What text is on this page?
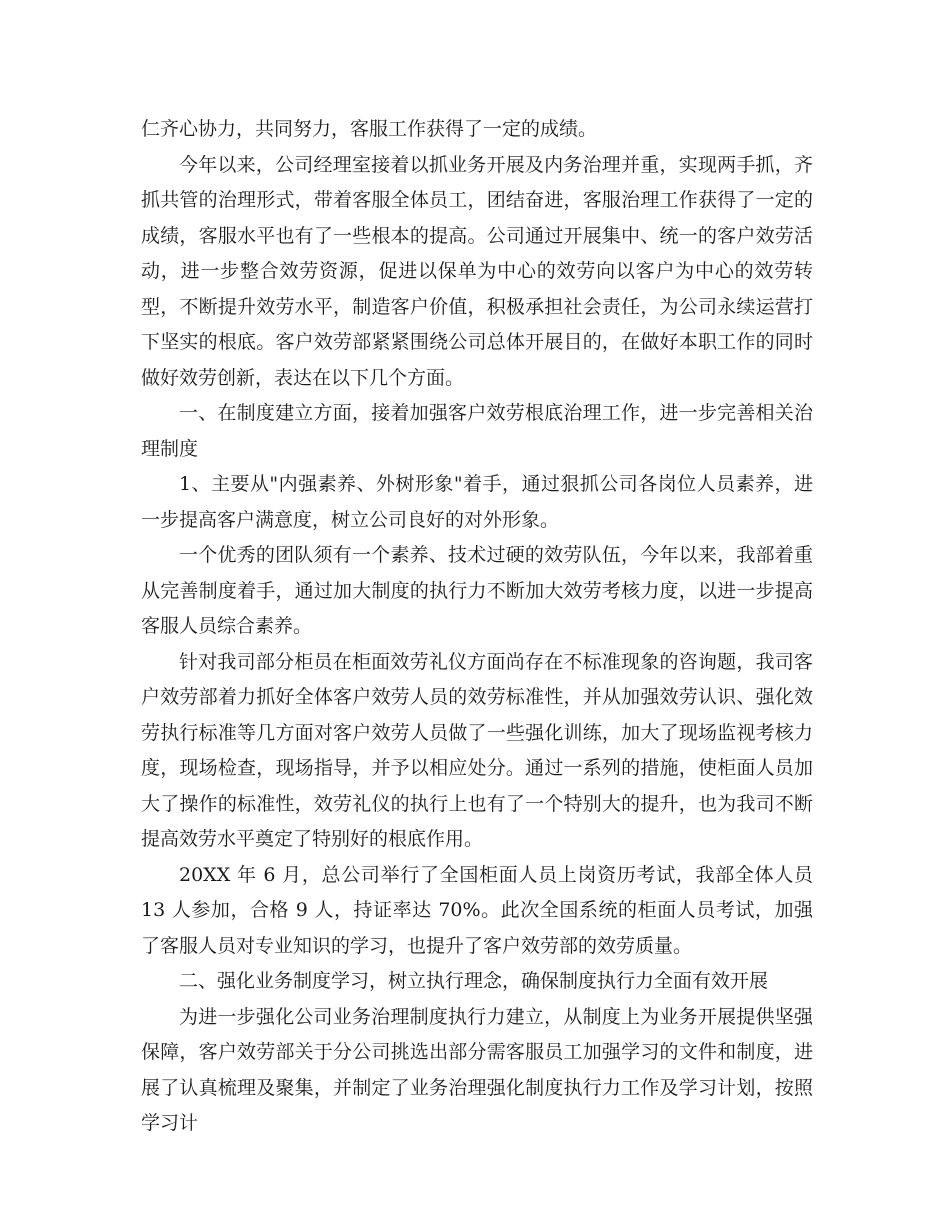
仁齐心协力，共同努力，客服工作获得了一定的成绩。

今年以来，公司经理室接着以抓业务开展及内务治理并重，实现两手抓，齐抓共管的治理形式，带着客服全体员工，团结奋进，客服治理工作获得了一定的成绩，客服水平也有了一些根本的提高。公司通过开展集中、统一的客户效劳活动，进一步整合效劳资源，促进以保单为中心的效劳向以客户为中心的效劳转型，不断提升效劳水平，制造客户价值，积极承担社会责任，为公司永续运营打下坚实的根底。客户效劳部紧紧围绕公司总体开展目的，在做好本职工作的同时做好效劳创新，表达在以下几个方面。

一、在制度建立方面，接着加强客户效劳根底治理工作，进一步完善相关治理制度

1、主要从"内强素养、外树形象"着手，通过狠抓公司各岗位人员素养，进一步提高客户满意度，树立公司良好的对外形象。

一个优秀的团队须有一个素养、技术过硬的效劳队伍，今年以来，我部着重从完善制度着手，通过加大制度的执行力不断加大效劳考核力度，以进一步提高客服人员综合素养。

针对我司部分柜员在柜面效劳礼仪方面尚存在不标准现象的咨询题，我司客户效劳部着力抓好全体客户效劳人员的效劳标准性，并从加强效劳认识、强化效劳执行标准等几方面对客户效劳人员做了一些强化训练，加大了现场监视考核力度，现场检查，现场指导，并予以相应处分。通过一系列的措施，使柜面人员加大了操作的标准性，效劳礼仪的执行上也有了一个特别大的提升，也为我司不断提高效劳水平奠定了特别好的根底作用。

20XX 年 6 月，总公司举行了全国柜面人员上岗资历考试，我部全体人员 13 人参加，合格 9 人，持证率达 70%。此次全国系统的柜面人员考试，加强了客服人员对专业知识的学习，也提升了客户效劳部的效劳质量。

二、强化业务制度学习，树立执行理念，确保制度执行力全面有效开展

为进一步强化公司业务治理制度执行力建立，从制度上为业务开展提供坚强保障，客户效劳部关于分公司挑选出部分需客服员工加强学习的文件和制度，进展了认真梳理及聚集，并制定了业务治理强化制度执行力工作及学习计划，按照学习计
